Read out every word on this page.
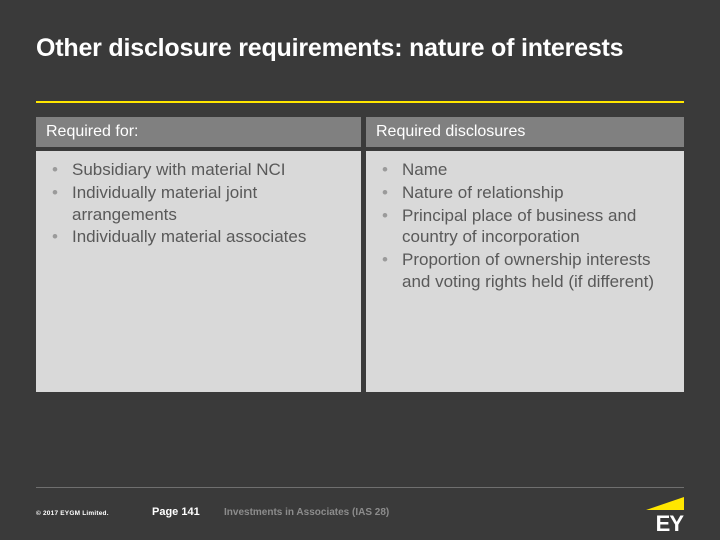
Other disclosure requirements: nature of interests
Required for:	Required disclosures
• Subsidiary with material NCI
• Individually material joint arrangements
• Individually material associates
• Name
• Nature of relationship
• Principal place of business and country of incorporation
• Proportion of ownership interests and voting rights held (if different)
© 2017 EYGM Limited.	Page 141 Investments in Associates (IAS 28)	EY
